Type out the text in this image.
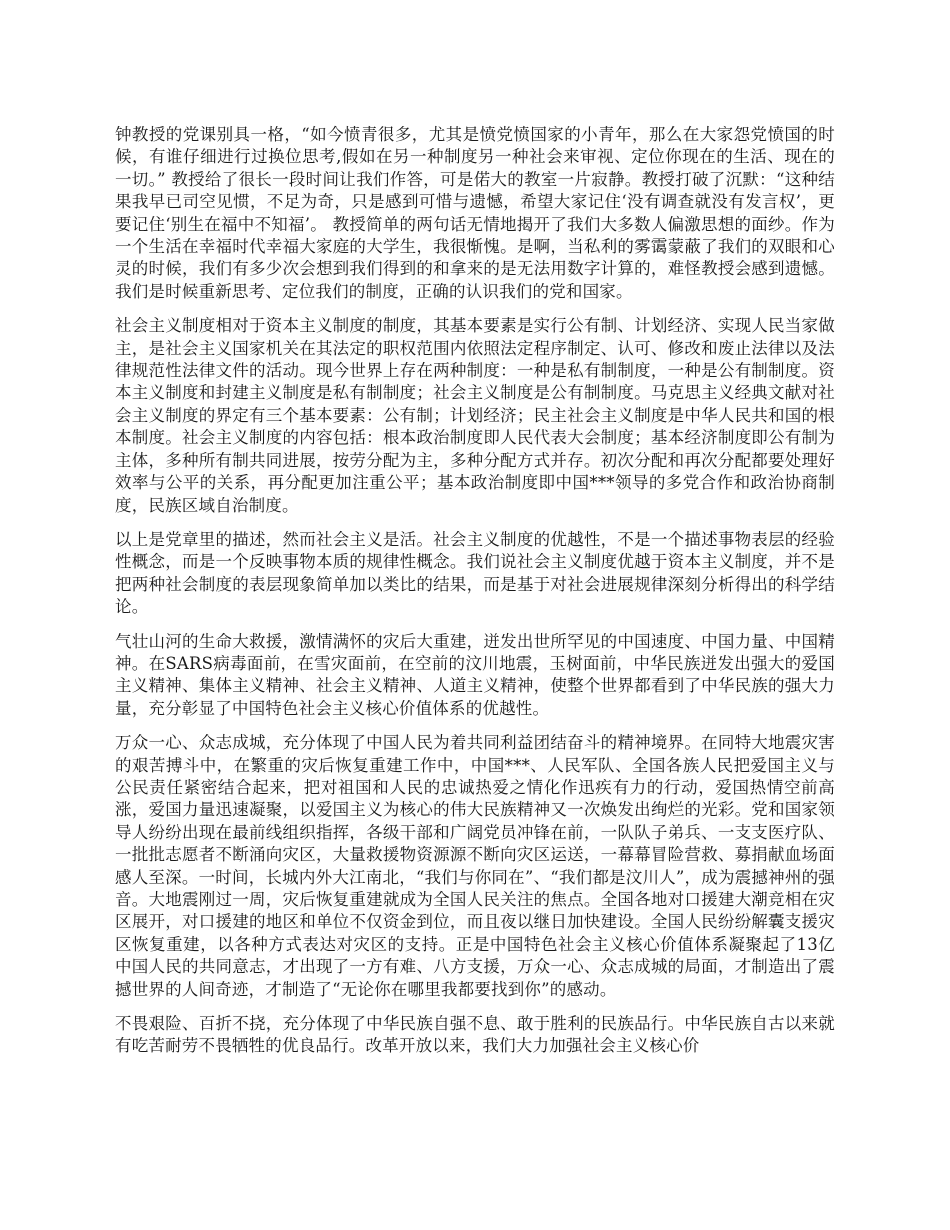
钟教授的党课别具一格，“如今愤青很多，尤其是愤党愤国家的小青年，那么在大家怨党愤国的时候，有谁仔细进行过换位思考,假如在另一种制度另一种社会来审视、定位你现在的生活、现在的一切。” 教授给了很长一段时间让我们作答，可是偌大的教室一片寂静。教授打破了沉默：“这种结果我早已司空见惯，不足为奇，只是感到可惜与遗憾，希望大家记住‘没有调查就没有发言权’，更要记住‘别生在福中不知福’。 教授简单的两句话无情地揭开了我们大多数人偏激思想的面纱。作为一个生活在幸福时代幸福大家庭的大学生，我很惭愧。是啊，当私利的雾霭蒙蔽了我们的双眼和心灵的时候，我们有多少次会想到我们得到的和拿来的是无法用数字计算的，难怪教授会感到遗憾。我们是时候重新思考、定位我们的制度，正确的认识我们的党和国家。

社会主义制度相对于资本主义制度的制度，其基本要素是实行公有制、计划经济、实现人民当家做主，是社会主义国家机关在其法定的职权范围内依照法定程序制定、认可、修改和废止法律以及法律规范性法律文件的活动。现今世界上存在两种制度：一种是私有制制度，一种是公有制制度。资本主义制度和封建主义制度是私有制制度；社会主义制度是公有制制度。马克思主义经典文献对社会主义制度的界定有三个基本要素：公有制；计划经济；民主社会主义制度是中华人民共和国的根本制度。社会主义制度的内容包括：根本政治制度即人民代表大会制度；基本经济制度即公有制为主体，多种所有制共同进展，按劳分配为主，多种分配方式并存。初次分配和再次分配都要处理好效率与公平的关系，再分配更加注重公平；基本政治制度即中国***领导的多党合作和政治协商制度，民族区域自治制度。

以上是党章里的描述，然而社会主义是活。社会主义制度的优越性，不是一个描述事物表层的经验性概念，而是一个反映事物本质的规律性概念。我们说社会主义制度优越于资本主义制度，并不是把两种社会制度的表层现象简单加以类比的结果，而是基于对社会进展规律深刻分析得出的科学结论。

气壮山河的生命大救援，激情满怀的灾后大重建，迸发出世所罕见的中国速度、中国力量、中国精神。在SARS病毒面前，在雪灾面前，在空前的汶川地震，玉树面前，中华民族迸发出强大的爱国主义精神、集体主义精神、社会主义精神、人道主义精神，使整个世界都看到了中华民族的强大力量，充分彰显了中国特色社会主义核心价值体系的优越性。

万众一心、众志成城，充分体现了中国人民为着共同利益团结奋斗的精神境界。在同特大地震灾害的艰苦搏斗中，在繁重的灾后恢复重建工作中，中国***、人民军队、全国各族人民把爱国主义与公民责任紧密结合起来，把对祖国和人民的忠诚热爱之情化作迅疾有力的行动，爱国热情空前高涨，爱国力量迅速凝聚，以爱国主义为核心的伟大民族精神又一次焕发出绚烂的光彩。党和国家领导人纷纷出现在最前线组织指挥，各级干部和广阔党员冲锋在前，一队队子弟兵、一支支医疗队、一批批志愿者不断涌向灾区，大量救援物资源源不断向灾区运送，一幕幕冒险营救、募捐献血场面感人至深。一时间，长城内外大江南北，“我们与你同在”、“我们都是汶川人”，成为震撼神州的强音。大地震刚过一周，灾后恢复重建就成为全国人民关注的焦点。全国各地对口援建大潮竞相在灾区展开，对口援建的地区和单位不仅资金到位，而且夜以继日加快建设。全国人民纷纷解囊支援灾区恢复重建，以各种方式表达对灾区的支持。正是中国特色社会主义核心价值体系凝聚起了13亿中国人民的共同意志，才出现了一方有难、八方支援，万众一心、众志成城的局面，才制造出了震撼世界的人间奇迹，才制造了“无论你在哪里我都要找到你”的感动。

不畏艰险、百折不挠，充分体现了中华民族自强不息、敢于胜利的民族品行。中华民族自古以来就有吃苦耐劳不畏牺牲的优良品行。改革开放以来，我们大力加强社会主义核心价
